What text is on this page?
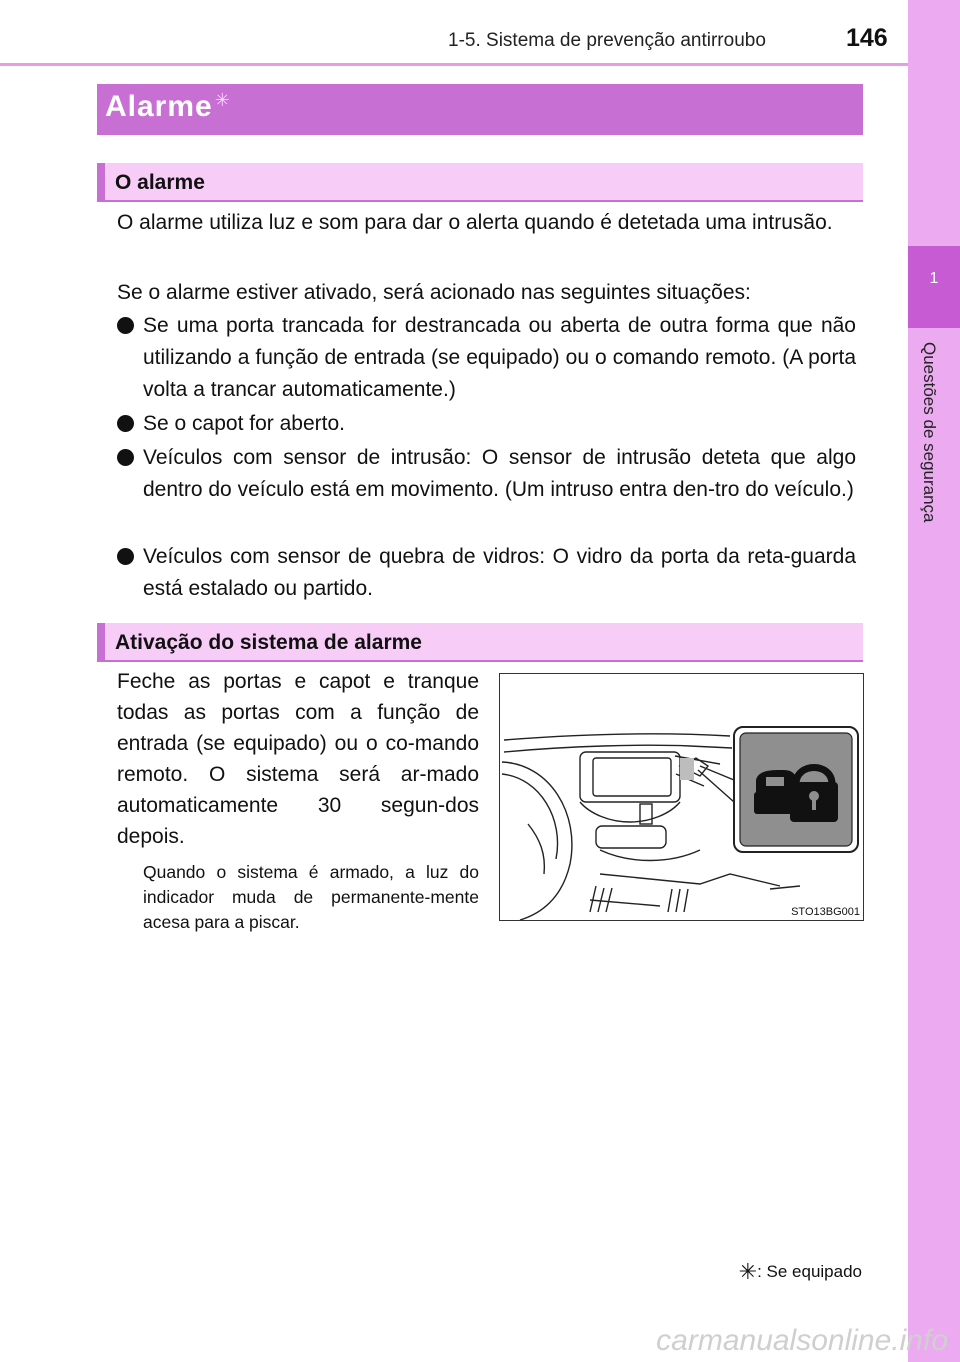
1-5. Sistema de prevenção antirroubo	146
1
Questões de segurança
Alarme ✳
O alarme
O alarme utiliza luz e som para dar o alerta quando é detetada uma intrusão.
Se o alarme estiver ativado, será acionado nas seguintes situações:
Se uma porta trancada for destrancada ou aberta de outra forma que não utilizando a função de entrada (se equipado) ou o comando remoto. (A porta volta a trancar automaticamente.)
Se o capot for aberto.
Veículos com sensor de intrusão: O sensor de intrusão deteta que algo dentro do veículo está em movimento. (Um intruso entra den-tro do veículo.)
Veículos com sensor de quebra de vidros: O vidro da porta da reta-guarda está estalado ou partido.
Ativação do sistema de alarme
Feche as portas e capot e tranque todas as portas com a função de entrada (se equipado) ou o co-mando remoto. O sistema será ar-mado automaticamente 30 segun-dos depois.
Quando o sistema é armado, a luz do indicador muda de permanente-mente acesa para a piscar.	STO13BG001
✳: Se equipado
carmanualsonline.info
